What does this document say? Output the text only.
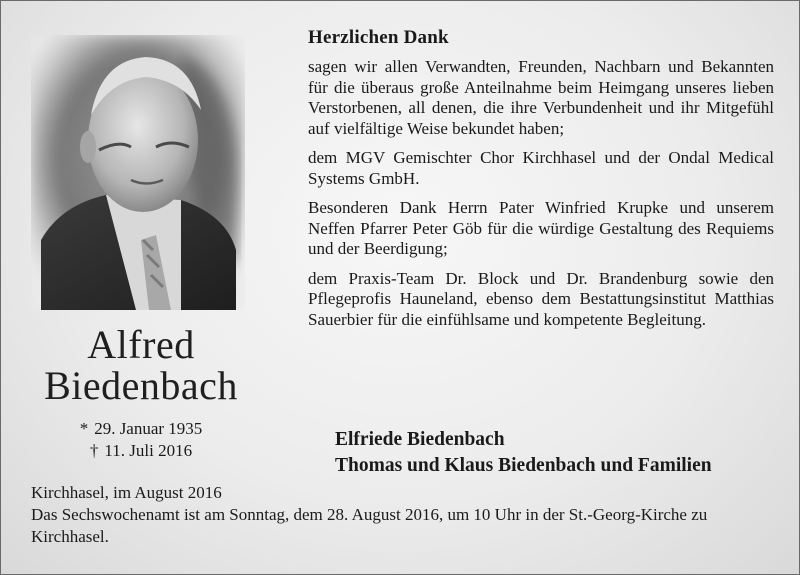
Alfred
Biedenbach
* 29. Januar 1935
† 11. Juli 2016

Herzlichen Dank

sagen wir allen Verwandten, Freunden, Nachbarn und Bekannten für die überaus große Anteilnahme beim Heimgang unseres lieben Verstorbenen, all denen, die ihre Verbundenheit und ihr Mitgefühl auf vielfältige Weise bekundet haben;

dem MGV Gemischter Chor Kirchhasel und der Ondal Medical Systems GmbH.

Besonderen Dank Herrn Pater Winfried Krupke und unserem Neffen Pfarrer Peter Göb für die würdige Gestaltung des Requiems und der Beerdigung;

dem Praxis-Team Dr. Block und Dr. Brandenburg sowie den Pflegeprofis Hauneland, ebenso dem Bestattungsinstitut Matthias Sauerbier für die einfühlsame und kompetente Begleitung.

Elfriede Biedenbach
Thomas und Klaus Biedenbach und Familien
Kirchhasel, im August 2016
Das Sechswochenamt ist am Sonntag, dem 28. August 2016, um 10 Uhr in der St.-Georg-Kirche zu Kirchhasel.
